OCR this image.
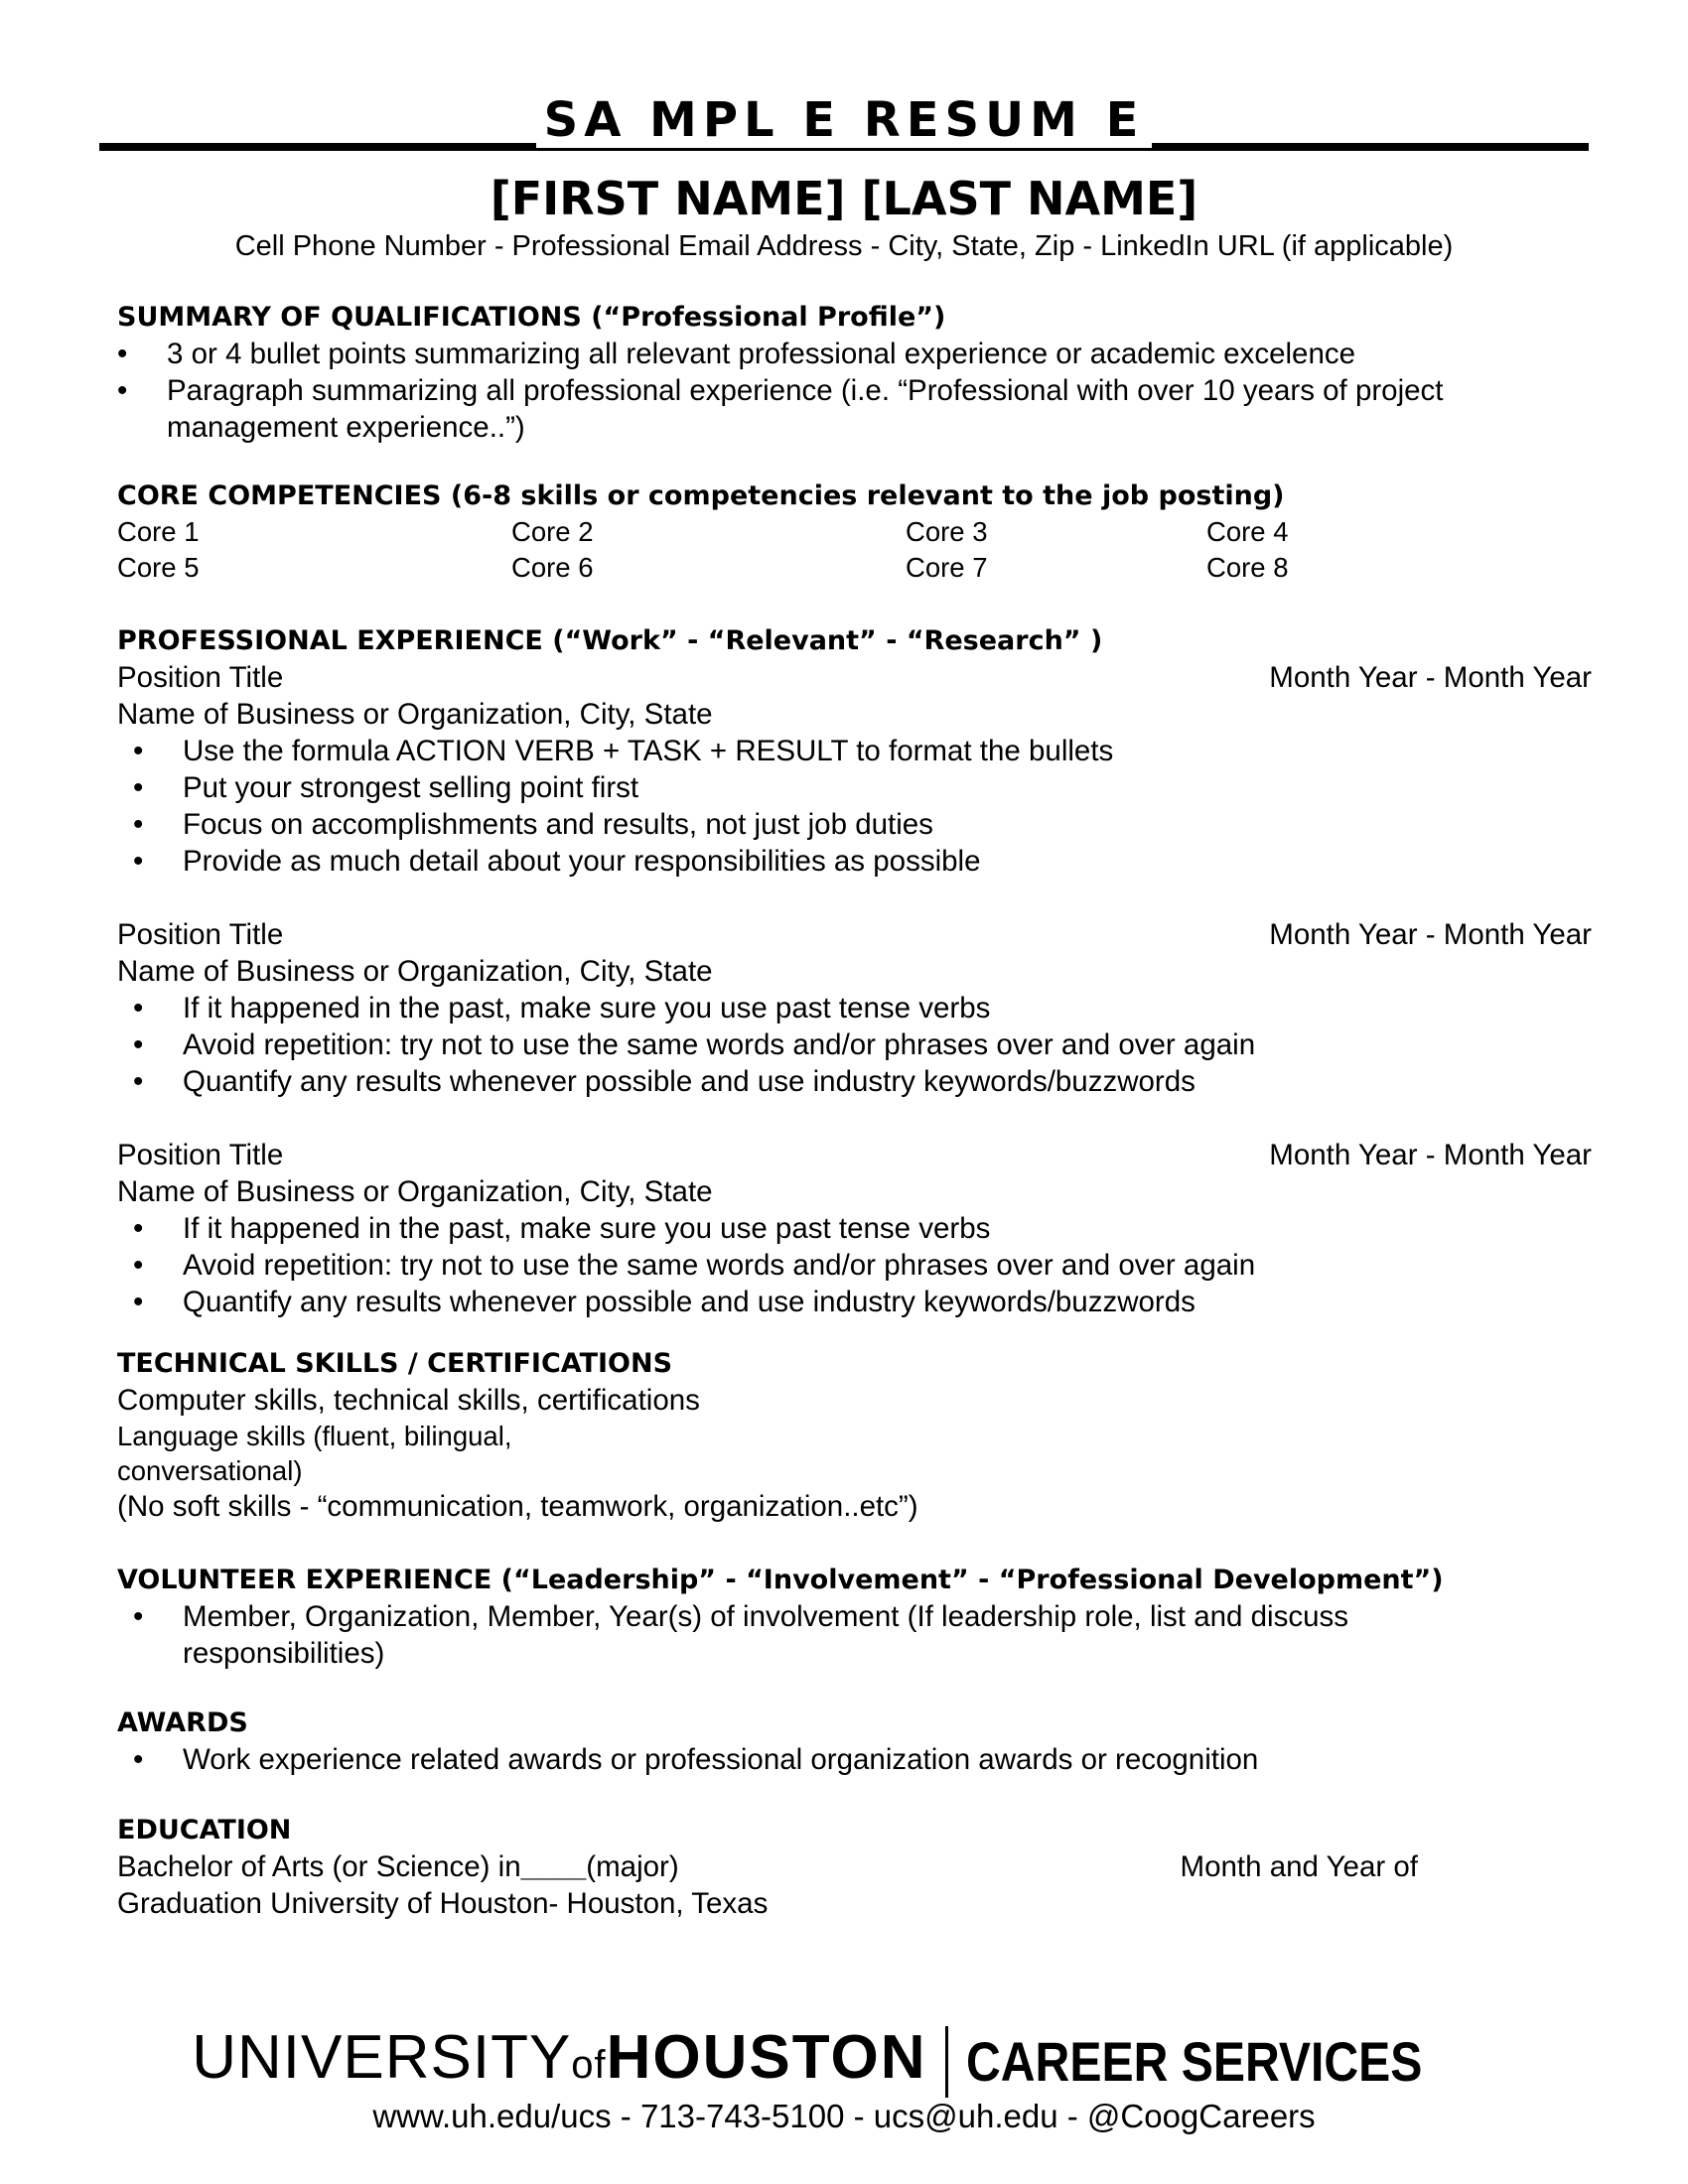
SA MPL E RESUM E
[FIRST NAME] [LAST NAME]
Cell Phone Number - Professional Email Address - City, State, Zip - LinkedIn URL (if applicable)
SUMMARY OF QUALIFICATIONS (“Professional Profile”)
• 3 or 4 bullet points summarizing all relevant professional experience or academic excelence
• Paragraph summarizing all professional experience (i.e. “Professional with over 10 years of project management experience..”)
CORE COMPETENCIES (6-8 skills or competencies relevant to the job posting)
Core 1	Core 2	Core 3	Core 4
Core 5	Core 6	Core 7	Core 8
PROFESSIONAL EXPERIENCE (“Work” - “Relevant” - “Research” )
Position Title	Month Year - Month Year
Name of Business or Organization, City, State
• Use the formula ACTION VERB + TASK + RESULT to format the bullets
• Put your strongest selling point first
• Focus on accomplishments and results, not just job duties
• Provide as much detail about your responsibilities as possible
Position Title	Month Year - Month Year
Name of Business or Organization, City, State
• If it happened in the past, make sure you use past tense verbs
• Avoid repetition: try not to use the same words and/or phrases over and over again
• Quantify any results whenever possible and use industry keywords/buzzwords
Position Title	Month Year - Month Year
Name of Business or Organization, City, State
• If it happened in the past, make sure you use past tense verbs
• Avoid repetition: try not to use the same words and/or phrases over and over again
• Quantify any results whenever possible and use industry keywords/buzzwords
TECHNICAL SKILLS / CERTIFICATIONS
Computer skills, technical skills, certifications
Language skills (fluent, bilingual,
conversational)
(No soft skills - “communication, teamwork, organization..etc”)
VOLUNTEER EXPERIENCE (“Leadership” - “Involvement” - “Professional Development”)
• Member, Organization, Member, Year(s) of involvement (If leadership role, list and discuss responsibilities)
AWARDS
• Work experience related awards or professional organization awards or recognition
EDUCATION
Bachelor of Arts (or Science) in____(major)	Month and Year of
Graduation University of Houston- Houston, Texas
UNIVERSITYofHOUSTON CAREER SERVICES
www.uh.edu/ucs - 713-743-5100 - ucs@uh.edu - @CoogCareers
